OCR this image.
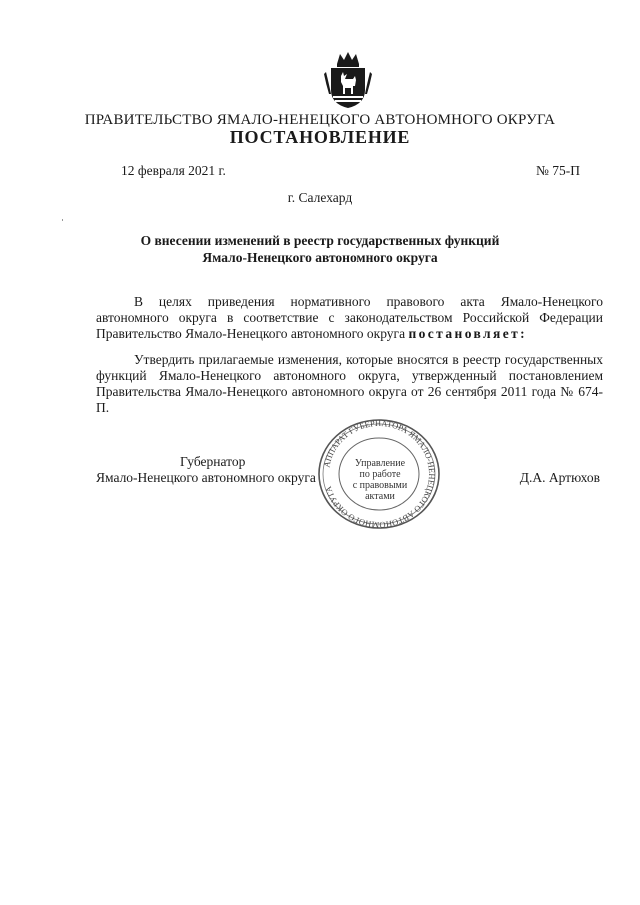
ПРАВИТЕЛЬСТВО ЯМАЛО-НЕНЕЦКОГО АВТОНОМНОГО ОКРУГА
ПОСТАНОВЛЕНИЕ
12 февраля 2021 г.	№ 75-П
г. Салехард
О внесении изменений в реестр государственных функций
Ямало-Ненецкого автономного округа

В целях приведения нормативного правового акта Ямало-Ненецкого автономного округа в соответствие с законодательством Российской Федерации Правительство Ямало-Ненецкого автономного округа постановляет:

Утвердить прилагаемые изменения, которые вносятся в реестр государственных функций Ямало-Ненецкого автономного округа, утвержденный постановлением Правительства Ямало-Ненецкого автономного округа от 26 сентября 2011 года № 674-П.

Губернатор
Ямало-Ненецкого автономного округа
АППАРАТ ГУБЕРНАТОРА ЯМАЛО-НЕНЕЦКОГО АВТОНОМНОГО ОКРУГА
Управление
по работе
с правовыми
актами
Д.А. Артюхов
